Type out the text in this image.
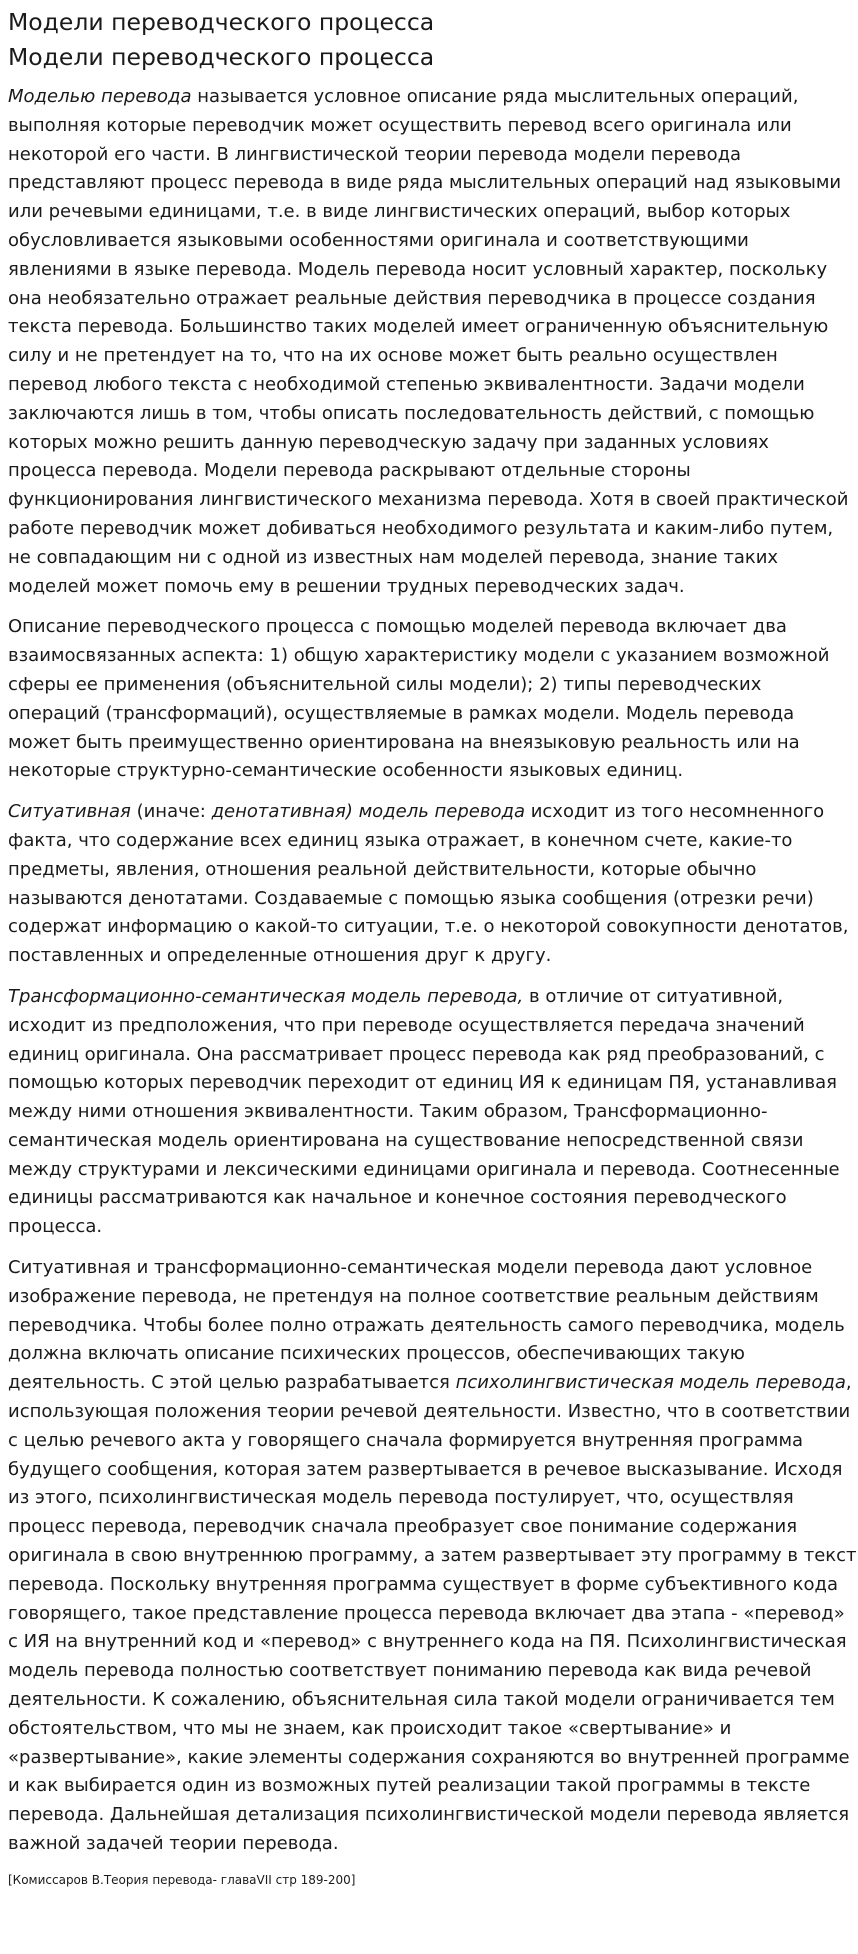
Модели переводческого процесса
Модели переводческого процесса

Моделью перевода называется условное описание ряда мыслительных операций, выполняя которые переводчик может осуществить перевод всего оригинала или некоторой его части. В лингвистической теории перевода модели перевода представляют процесс перевода в виде ряда мыслительных операций над языковыми или речевыми единицами, т.е. в виде лингвистических операций, выбор которых обусловливается языковыми особенностями оригинала и соответствующими явлениями в языке перевода. Модель перевода носит условный характер, поскольку она необязательно отражает реальные действия переводчика в процессе создания текста перевода. Большинство таких моделей имеет ограниченную объяснительную силу и не претендует на то, что на их основе может быть реально осуществлен перевод любого текста с необходимой степенью эквивалентности. Задачи модели заключаются лишь в том, чтобы описать последовательность действий, с помощью которых можно решить данную переводческую задачу при заданных условиях процесса перевода. Модели перевода раскрывают отдельные стороны функционирования лингвистического механизма перевода. Хотя в своей практической работе переводчик может добиваться необходимого результата и каким-либо путем, не совпадающим ни с одной из известных нам моделей перевода, знание таких моделей может помочь ему в решении трудных переводческих задач.

Описание переводческого процесса с помощью моделей перевода включает два взаимосвязанных аспекта: 1) общую характеристику модели с указанием возможной сферы ее применения (объяснительной силы модели); 2) типы переводческих операций (трансформаций), осуществляемые в рамках модели. Модель перевода может быть преимущественно ориентирована на внеязыковую реальность или на некоторые структурно-семантические особенности языковых единиц.

Ситуативная (иначе: денотативная) модель перевода исходит из того несомненного факта, что содержание всех единиц языка отражает, в конечном счете, какие-то предметы, явления, отношения реальной действительности, которые обычно называются денотатами. Создаваемые с помощью языка сообщения (отрезки речи) содержат информацию о какой-то ситуации, т.е. о некоторой совокупности денотатов, поставленных и определенные отношения друг к другу.

Трансформационно-семантическая модель перевода, в отличие от ситуативной, исходит из предположения, что при переводе осуществляется передача значений единиц оригинала. Она рассматривает процесс перевода как ряд преобразований, с помощью которых переводчик переходит от единиц ИЯ к единицам ПЯ, устанавливая между ними отношения эквивалентности. Таким образом, Трансформационно-семантическая модель ориентирована на существование непосредственной связи между структурами и лексическими единицами оригинала и перевода. Соотнесенные единицы рассматриваются как начальное и конечное состояния переводческого процесса.

Ситуативная и трансформационно-семантическая модели перевода дают условное изображение перевода, не претендуя на полное соответствие реальным действиям переводчика. Чтобы более полно отражать деятельность самого переводчика, модель должна включать описание психических процессов, обеспечивающих такую деятельность. С этой целью разрабатывается психолингвистическая модель перевода, использующая положения теории речевой деятельности. Известно, что в соответствии с целью речевого акта у говорящего сначала формируется внутренняя программа будущего сообщения, которая затем развертывается в речевое высказывание. Исходя из этого, психолингвистическая модель перевода постулирует, что, осуществляя процесс перевода, переводчик сначала преобразует свое понимание содержания оригинала в свою внутреннюю программу, а затем развертывает эту программу в текст перевода. Поскольку внутренняя программа существует в форме субъективного кода говорящего, такое представление процесса перевода включает два этапа - «перевод» с ИЯ на внутренний код и «перевод» с внутреннего кода на ПЯ. Психолингвистическая модель перевода полностью соответствует пониманию перевода как вида речевой деятельности. К сожалению, объяснительная сила такой модели ограничивается тем обстоятельством, что мы не знаем, как происходит такое «свертывание» и «развертывание», какие элементы содержания сохраняются во внутренней программе и как выбирается один из возможных путей реализации такой программы в тексте перевода. Дальнейшая детализация психолингвистической модели перевода является важной задачей теории перевода.

[Комиссаров В.Теория перевода- главаVII стр 189-200]
